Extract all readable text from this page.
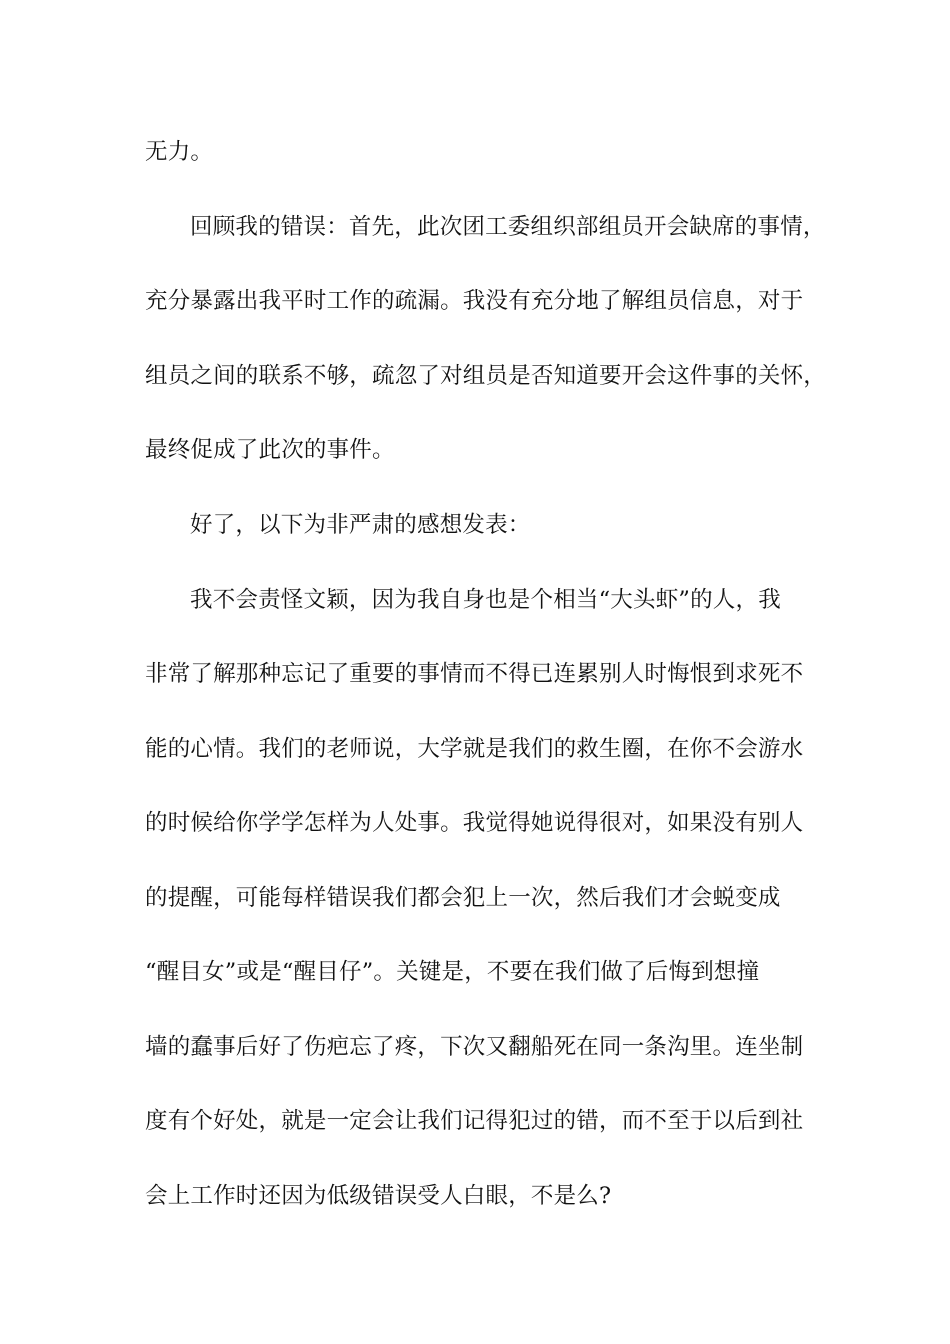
无力。
回顾我的错误：首先，此次团工委组织部组员开会缺席的事情，
充分暴露出我平时工作的疏漏。我没有充分地了解组员信息，对于
组员之间的联系不够，疏忽了对组员是否知道要开会这件事的关怀，
最终促成了此次的事件。
好了，以下为非严肃的感想发表：
我不会责怪文颖，因为我自身也是个相当“大头虾”的人，我
非常了解那种忘记了重要的事情而不得已连累别人时悔恨到求死不
能的心情。我们的老师说，大学就是我们的救生圈，在你不会游水
的时候给你学学怎样为人处事。我觉得她说得很对，如果没有别人
的提醒，可能每样错误我们都会犯上一次，然后我们才会蜕变成
“醒目女”或是“醒目仔”。关键是，不要在我们做了后悔到想撞
墙的蠢事后好了伤疤忘了疼，下次又翻船死在同一条沟里。连坐制
度有个好处，就是一定会让我们记得犯过的错，而不至于以后到社
会上工作时还因为低级错误受人白眼，不是么?
